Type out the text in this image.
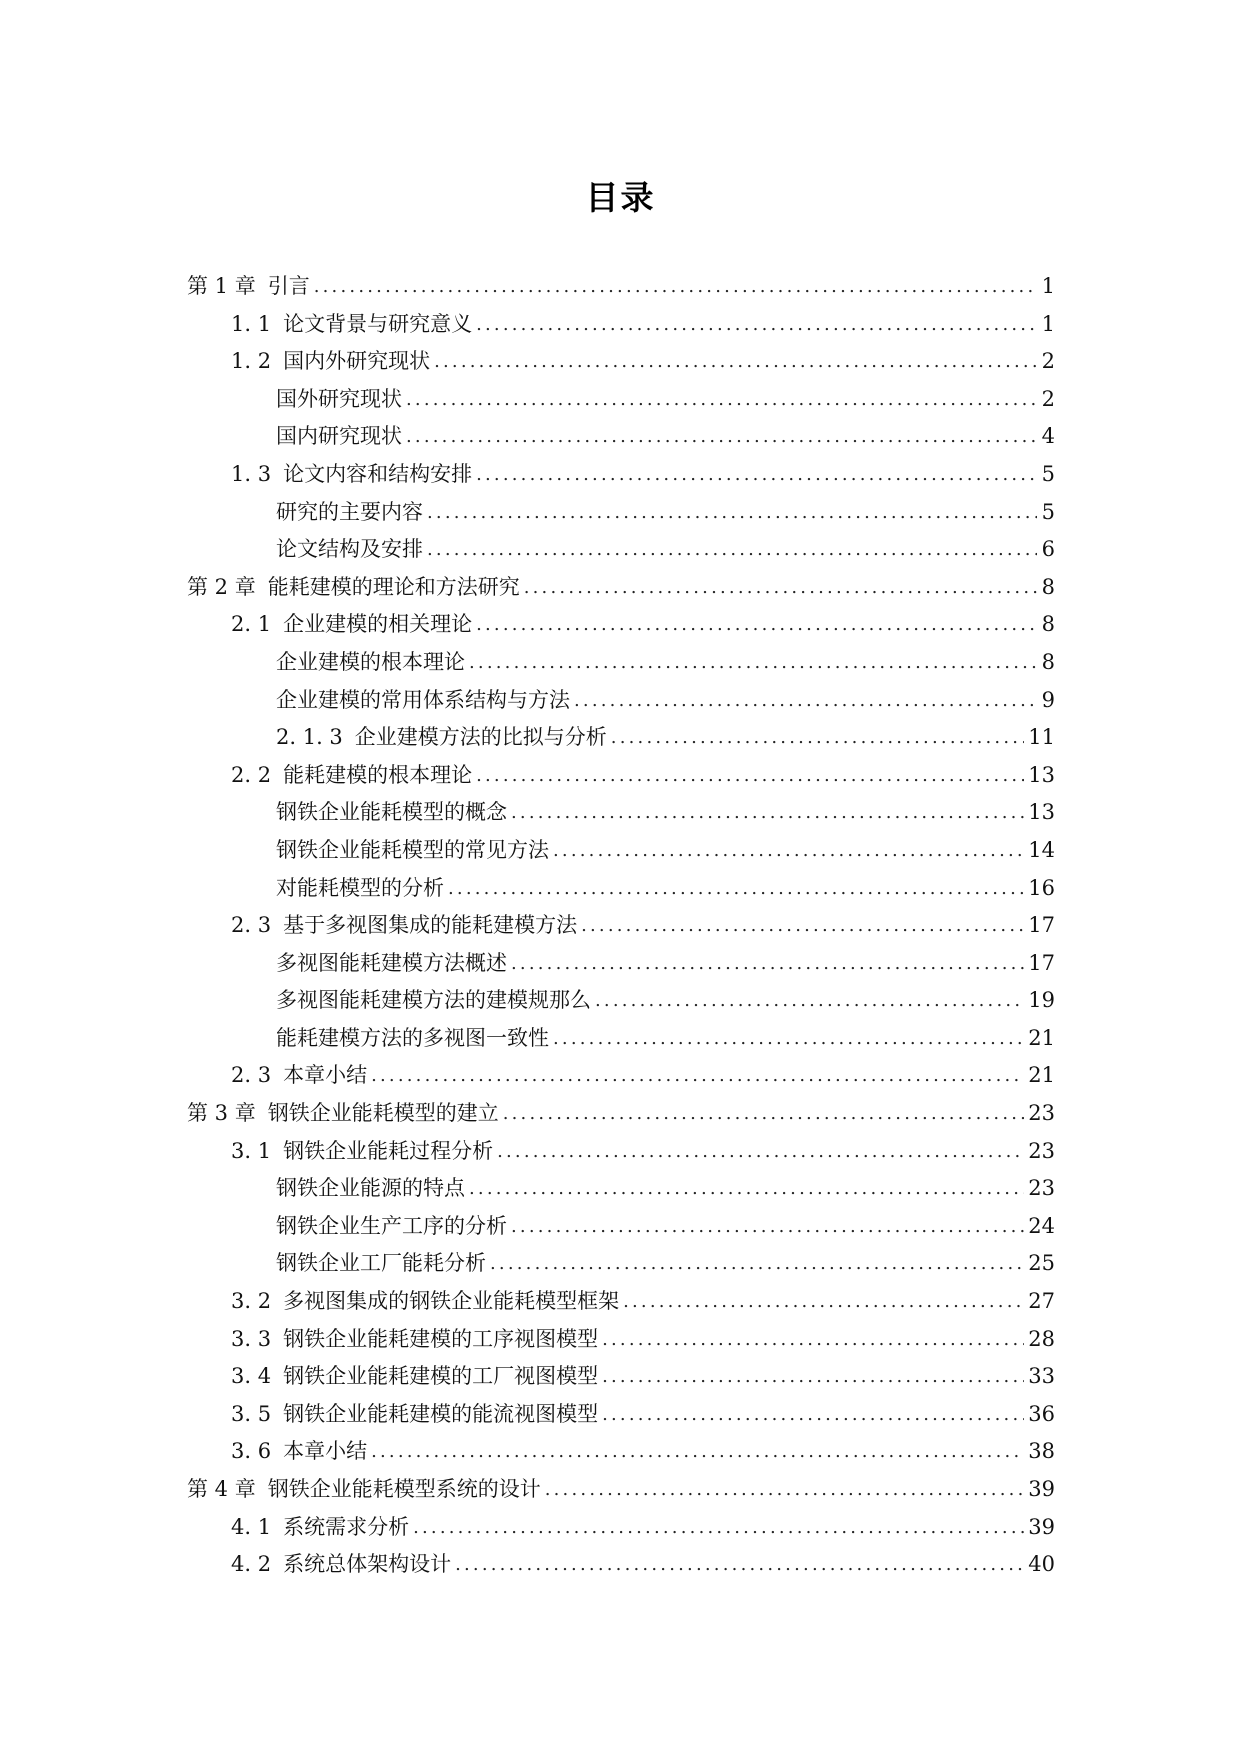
目录
第 1 章 引言 .....	1
1. 1 论文背景与研究意义 .....	1
1. 2 国内外研究现状 .....	2
国外研究现状 .....	2
国内研究现状 .....	4
1. 3 论文内容和结构安排 .....	5
研究的主要内容 .....	5
论文结构及安排 .....	6
第 2 章 能耗建模的理论和方法研究 .....	8
2. 1 企业建模的相关理论 .....	8
企业建模的根本理论 .....	8
企业建模的常用体系结构与方法 .....	9
2. 1. 3 企业建模方法的比拟与分析 .....	11
2. 2 能耗建模的根本理论 .....	13
钢铁企业能耗模型的概念 .....	13
钢铁企业能耗模型的常见方法 .....	14
对能耗模型的分析 .....	16
2. 3 基于多视图集成的能耗建模方法 .....	17
多视图能耗建模方法概述 .....	17
多视图能耗建模方法的建模规那么 .....	19
能耗建模方法的多视图一致性 .....	21
2. 3 本章小结 .....	21
第 3 章 钢铁企业能耗模型的建立 .....	23
3. 1 钢铁企业能耗过程分析 .....	23
钢铁企业能源的特点 .....	23
钢铁企业生产工序的分析 .....	24
钢铁企业工厂能耗分析 .....	25
3. 2 多视图集成的钢铁企业能耗模型框架 .....	27
3. 3 钢铁企业能耗建模的工序视图模型 .....	28
3. 4 钢铁企业能耗建模的工厂视图模型 .....	33
3. 5 钢铁企业能耗建模的能流视图模型 .....	36
3. 6 本章小结 .....	38
第 4 章 钢铁企业能耗模型系统的设计 .....	39
4. 1 系统需求分析 .....	39
4. 2 系统总体架构设计 .....	40
